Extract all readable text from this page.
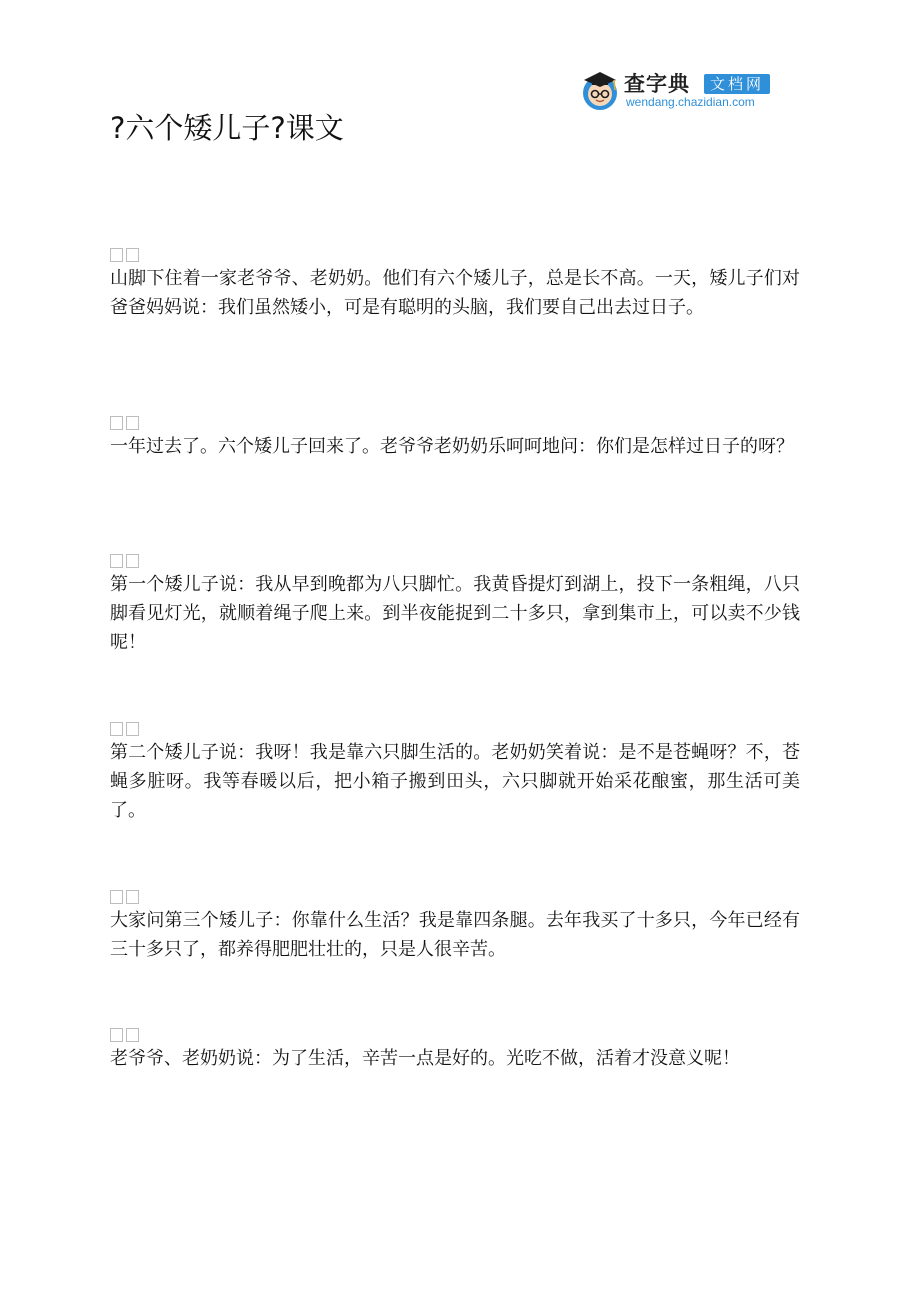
查字典	文档网
wendang.chazidian.com
?六个矮儿子?课文

山脚下住着一家老爷爷、老奶奶。他们有六个矮儿子，总是长不高。一天，矮儿子们对爸爸妈妈说：我们虽然矮小，可是有聪明的头脑，我们要自己出去过日子。

一年过去了。六个矮儿子回来了。老爷爷老奶奶乐呵呵地问：你们是怎样过日子的呀？

第一个矮儿子说：我从早到晚都为八只脚忙。我黄昏提灯到湖上，投下一条粗绳，八只脚看见灯光，就顺着绳子爬上来。到半夜能捉到二十多只，拿到集市上，可以卖不少钱呢！

第二个矮儿子说：我呀！我是靠六只脚生活的。老奶奶笑着说：是不是苍蝇呀？不，苍蝇多脏呀。我等春暖以后，把小箱子搬到田头，六只脚就开始采花酿蜜，那生活可美了。

大家问第三个矮儿子：你靠什么生活？我是靠四条腿。去年我买了十多只，今年已经有三十多只了，都养得肥肥壮壮的，只是人很辛苦。

老爷爷、老奶奶说：为了生活，辛苦一点是好的。光吃不做，活着才没意义呢！
